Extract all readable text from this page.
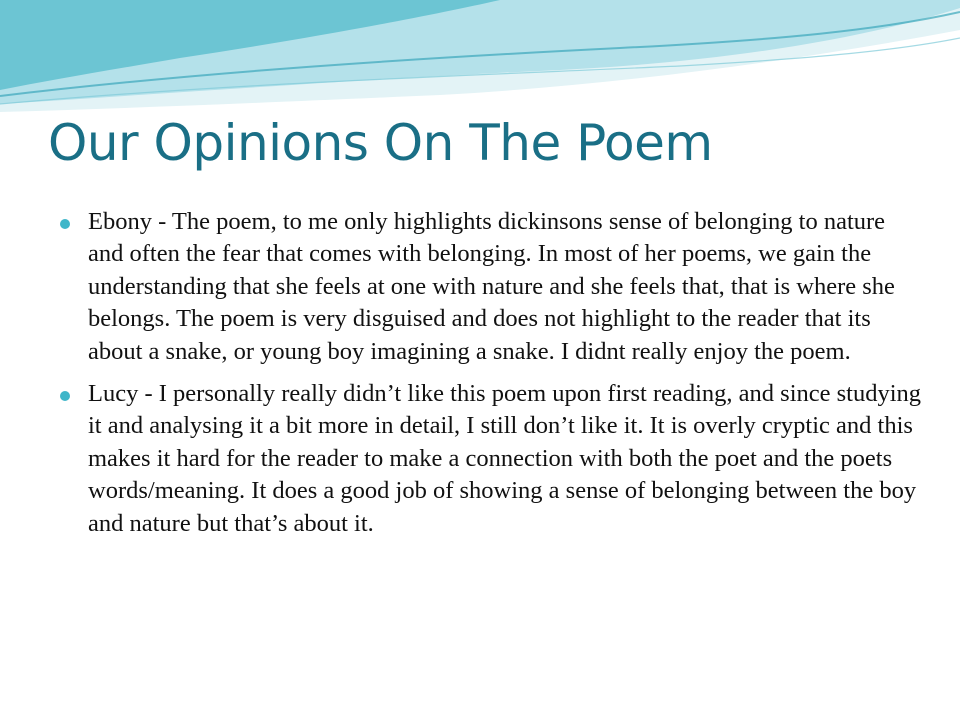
Our Opinions On The Poem
Ebony - The poem, to me only highlights dickinsons sense of belonging to nature and often the fear that comes with belonging. In most of her poems, we gain the understanding that she feels at one with nature and she feels that, that is where she belongs. The poem is very disguised and does not highlight to the reader that its about a snake, or young boy imagining a snake. I didnt really enjoy the poem.
Lucy - I personally really didn’t like this poem upon first reading, and since studying it and analysing it a bit more in detail, I still don’t like it. It is overly cryptic and this makes it hard for the reader to make a connection with both the poet and the poets words/meaning. It does a good job of showing a sense of belonging between the boy and nature but that’s about it.
